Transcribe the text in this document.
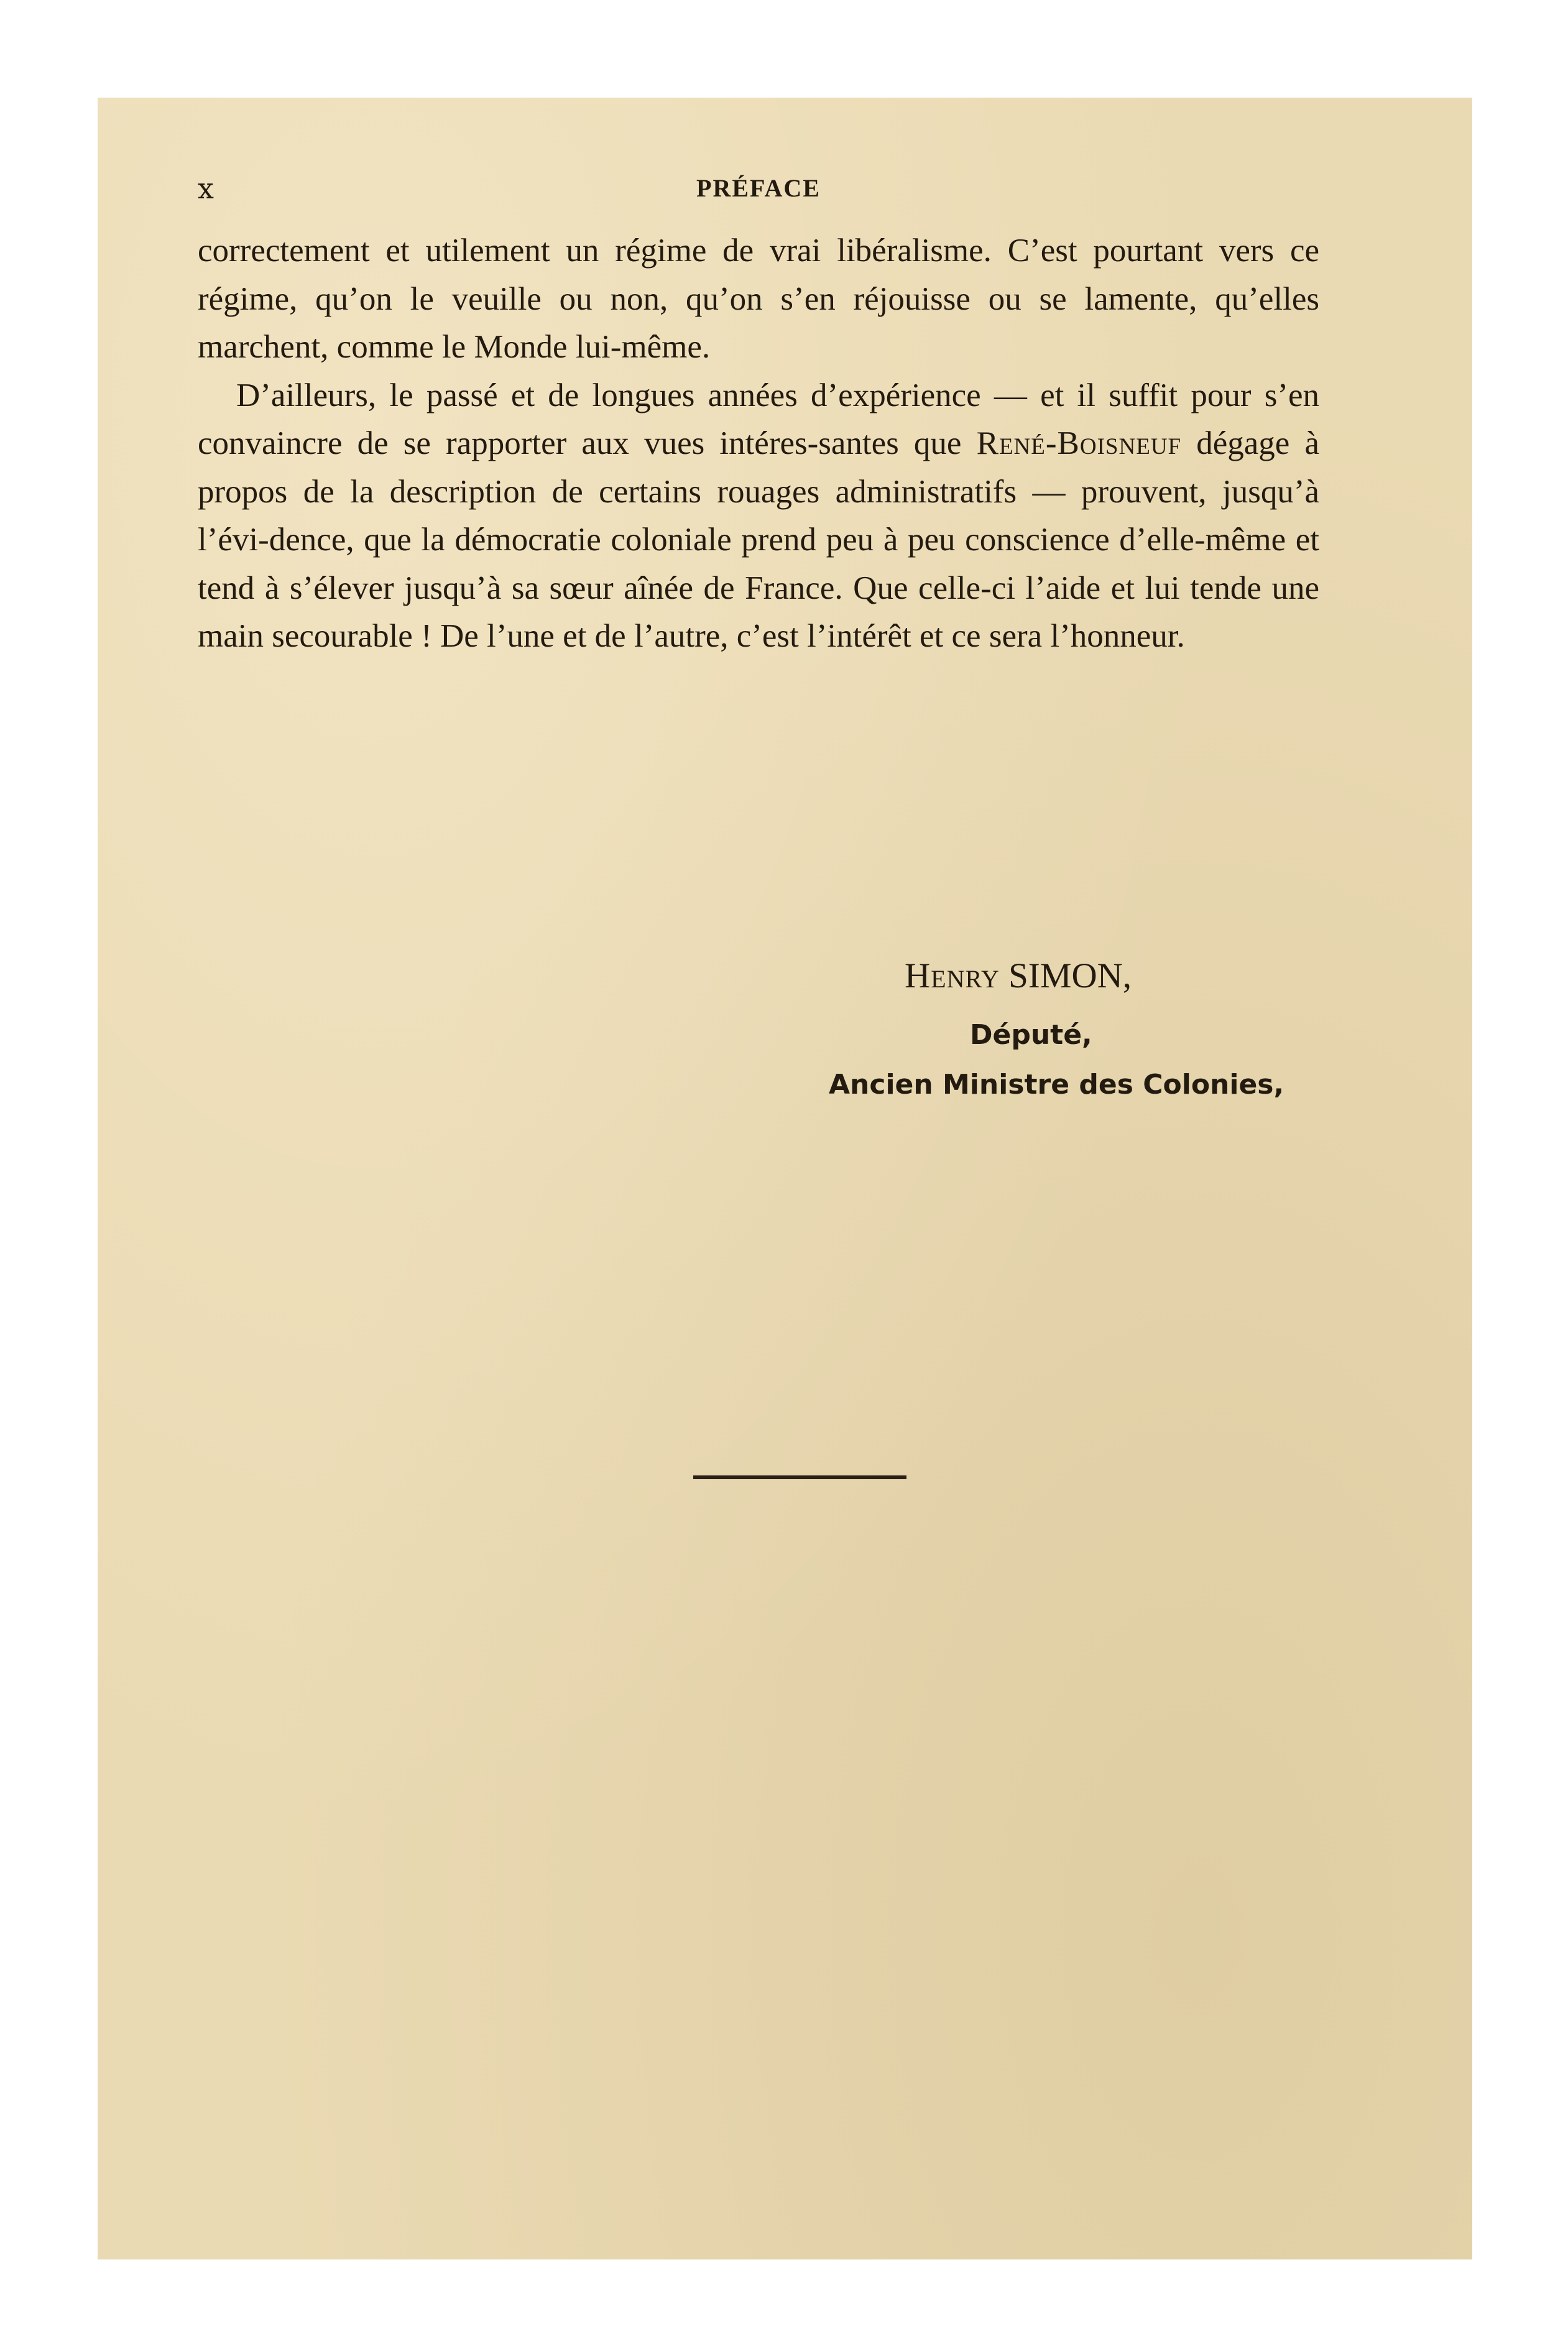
x	PRÉFACE

correctement et utilement un régime de vrai libéralisme. C’est pourtant vers ce régime, qu’on le veuille ou non, qu’on s’en réjouisse ou se lamente, qu’elles marchent, comme le Monde lui-même.

D’ailleurs, le passé et de longues années d’expérience — et il suffit pour s’en convaincre de se rapporter aux vues intéres-santes que René-Boisneuf dégage à propos de la description de certains rouages administratifs — prouvent, jusqu’à l’évi-dence, que la démocratie coloniale prend peu à peu conscience d’elle-même et tend à s’élever jusqu’à sa sœur aînée de France. Que celle-ci l’aide et lui tende une main secourable ! De l’une et de l’autre, c’est l’intérêt et ce sera l’honneur.

Henry SIMON,
Député,
Ancien Ministre des Colonies,
